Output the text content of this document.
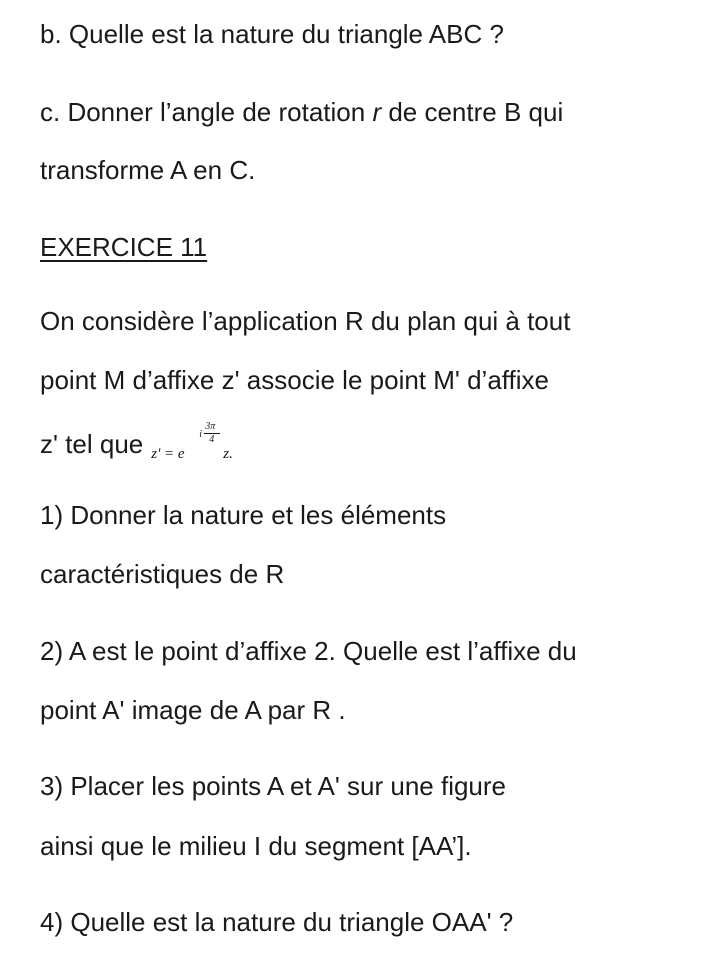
b. Quelle est la nature du triangle ABC ?
c. Donner l’angle de rotation r de centre B qui
transforme A en C.
EXERCICE 11
On considère l’application R du plan qui à tout
point M d’affixe z' associe le point M' d’affixe
z' tel que z' = e
i
3π
4
z.
1) Donner la nature et les éléments
caractéristiques de R
2) A est le point d’affixe 2. Quelle est l’affixe du
point A' image de A par R .
3) Placer les points A et A' sur une figure
ainsi que le milieu I du segment [AA’].
4) Quelle est la nature du triangle OAA' ?
